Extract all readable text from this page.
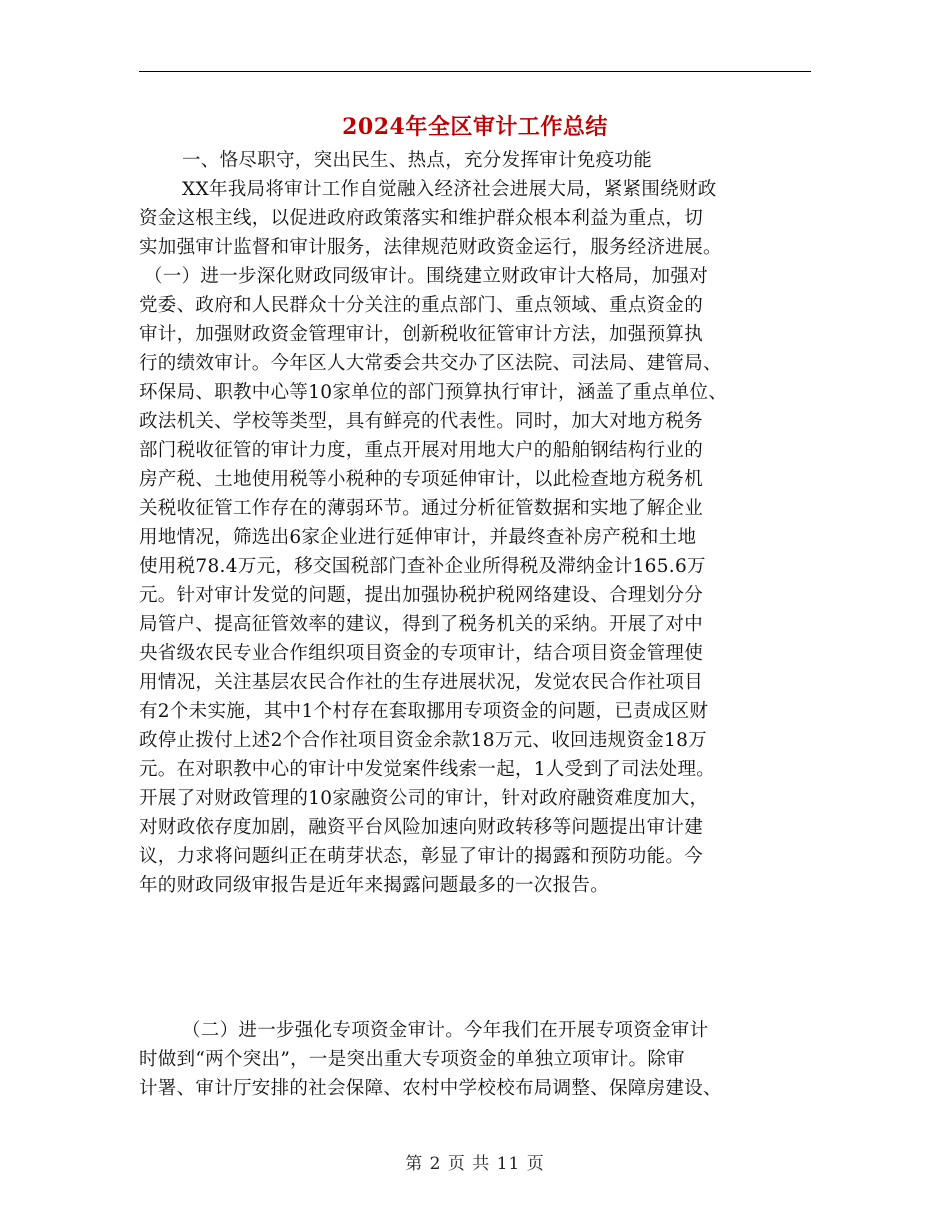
2024年全区审计工作总结
一、恪尽职守，突出民生、热点，充分发挥审计免疫功能
XX年我局将审计工作自觉融入经济社会进展大局，紧紧围绕财政
资金这根主线，以促进政府政策落实和维护群众根本利益为重点，切
实加强审计监督和审计服务，法律规范财政资金运行，服务经济进展。
（一）进一步深化财政同级审计。围绕建立财政审计大格局，加强对
党委、政府和人民群众十分关注的重点部门、重点领域、重点资金的
审计，加强财政资金管理审计，创新税收征管审计方法，加强预算执
行的绩效审计。今年区人大常委会共交办了区法院、司法局、建管局、
环保局、职教中心等10家单位的部门预算执行审计，涵盖了重点单位、
政法机关、学校等类型，具有鲜亮的代表性。同时，加大对地方税务
部门税收征管的审计力度，重点开展对用地大户的船舶钢结构行业的
房产税、土地使用税等小税种的专项延伸审计，以此检查地方税务机
关税收征管工作存在的薄弱环节。通过分析征管数据和实地了解企业
用地情况，筛选出6家企业进行延伸审计，并最终查补房产税和土地
使用税78.4万元，移交国税部门查补企业所得税及滞纳金计165.6万
元。针对审计发觉的问题，提出加强协税护税网络建设、合理划分分
局管户、提高征管效率的建议，得到了税务机关的采纳。开展了对中
央省级农民专业合作组织项目资金的专项审计，结合项目资金管理使
用情况，关注基层农民合作社的生存进展状况，发觉农民合作社项目
有2个未实施，其中1个村存在套取挪用专项资金的问题，已责成区财
政停止拨付上述2个合作社项目资金余款18万元、收回违规资金18万
元。在对职教中心的审计中发觉案件线索一起，1人受到了司法处理。
开展了对财政管理的10家融资公司的审计，针对政府融资难度加大，
对财政依存度加剧，融资平台风险加速向财政转移等问题提出审计建
议，力求将问题纠正在萌芽状态，彰显了审计的揭露和预防功能。今
年的财政同级审报告是近年来揭露问题最多的一次报告。
（二）进一步强化专项资金审计。今年我们在开展专项资金审计
时做到“两个突出”，一是突出重大专项资金的单独立项审计。除审
计署、审计厅安排的社会保障、农村中学校校布局调整、保障房建设、
第 2 页 共 11 页
